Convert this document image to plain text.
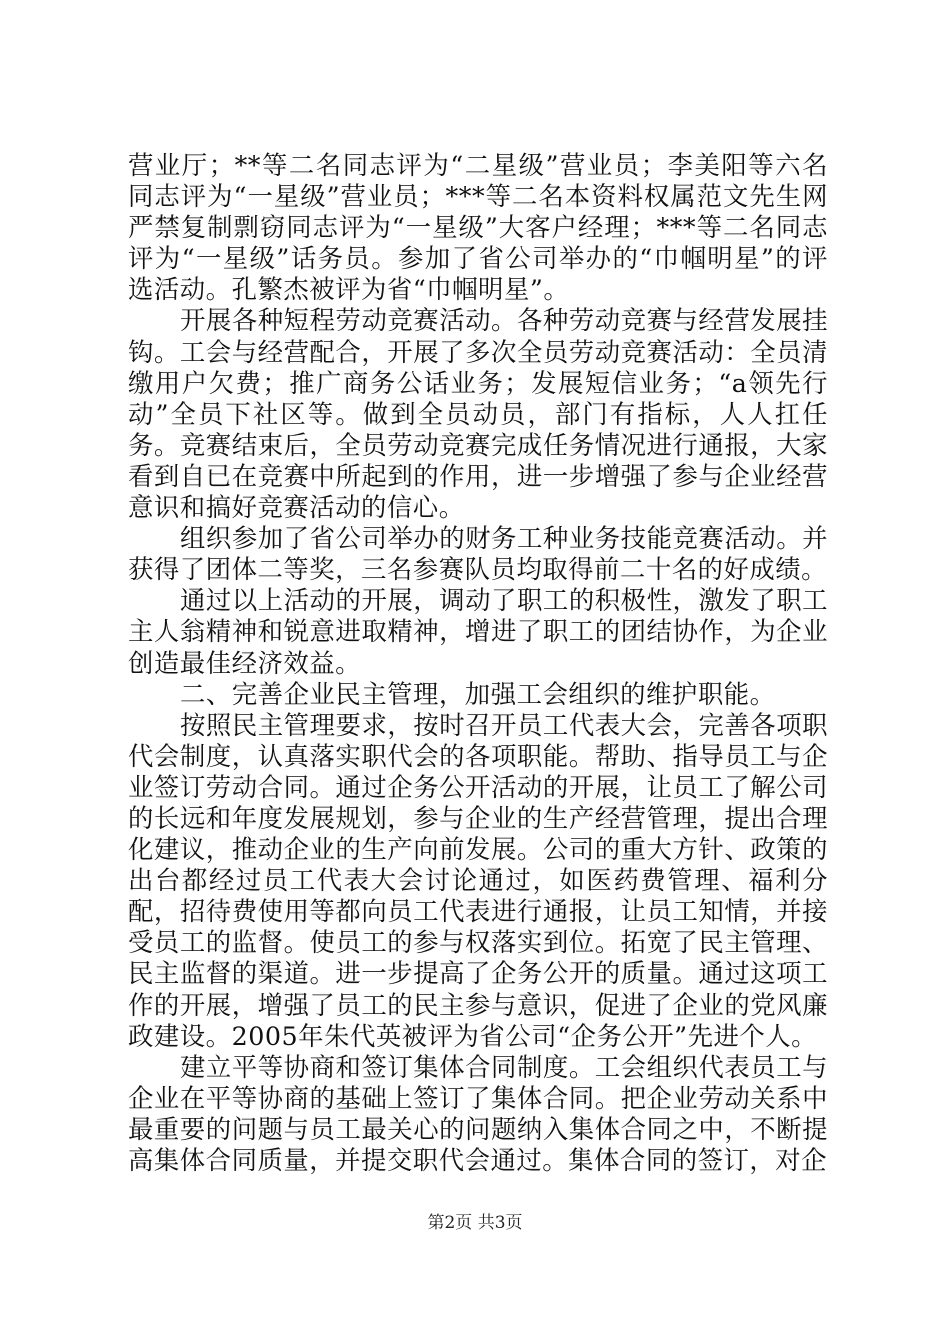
营业厅；**等二名同志评为“二星级”营业员；李美阳等六名同志评为“一星级”营业员；***等二名本资料权属范文先生网严禁复制剽窃同志评为“一星级”大客户经理；***等二名同志评为“一星级”话务员。参加了省公司举办的“巾帼明星”的评选活动。孔繁杰被评为省“巾帼明星”。

开展各种短程劳动竞赛活动。各种劳动竞赛与经营发展挂钩。工会与经营配合，开展了多次全员劳动竞赛活动：全员清缴用户欠费；推广商务公话业务；发展短信业务；“a领先行动”全员下社区等。做到全员动员，部门有指标，人人扛任务。竞赛结束后，全员劳动竞赛完成任务情况进行通报，大家看到自已在竞赛中所起到的作用，进一步增强了参与企业经营意识和搞好竞赛活动的信心。

组织参加了省公司举办的财务工种业务技能竞赛活动。并获得了团体二等奖，三名参赛队员均取得前二十名的好成绩。

通过以上活动的开展，调动了职工的积极性，激发了职工主人翁精神和锐意进取精神，增进了职工的团结协作，为企业创造最佳经济效益。

二、完善企业民主管理，加强工会组织的维护职能。

按照民主管理要求，按时召开员工代表大会，完善各项职代会制度，认真落实职代会的各项职能。帮助、指导员工与企业签订劳动合同。通过企务公开活动的开展，让员工了解公司的长远和年度发展规划，参与企业的生产经营管理，提出合理化建议，推动企业的生产向前发展。公司的重大方针、政策的出台都经过员工代表大会讨论通过，如医药费管理、福利分配，招待费使用等都向员工代表进行通报，让员工知情，并接受员工的监督。使员工的参与权落实到位。拓宽了民主管理、民主监督的渠道。进一步提高了企务公开的质量。通过这项工作的开展，增强了员工的民主参与意识，促进了企业的党风廉政建设。2005年朱代英被评为省公司“企务公开”先进个人。

建立平等协商和签订集体合同制度。工会组织代表员工与企业在平等协商的基础上签订了集体合同。把企业劳动关系中最重要的问题与员工最关心的问题纳入集体合同之中，不断提高集体合同质量，并提交职代会通过。集体合同的签订，对企

第2页 共3页
